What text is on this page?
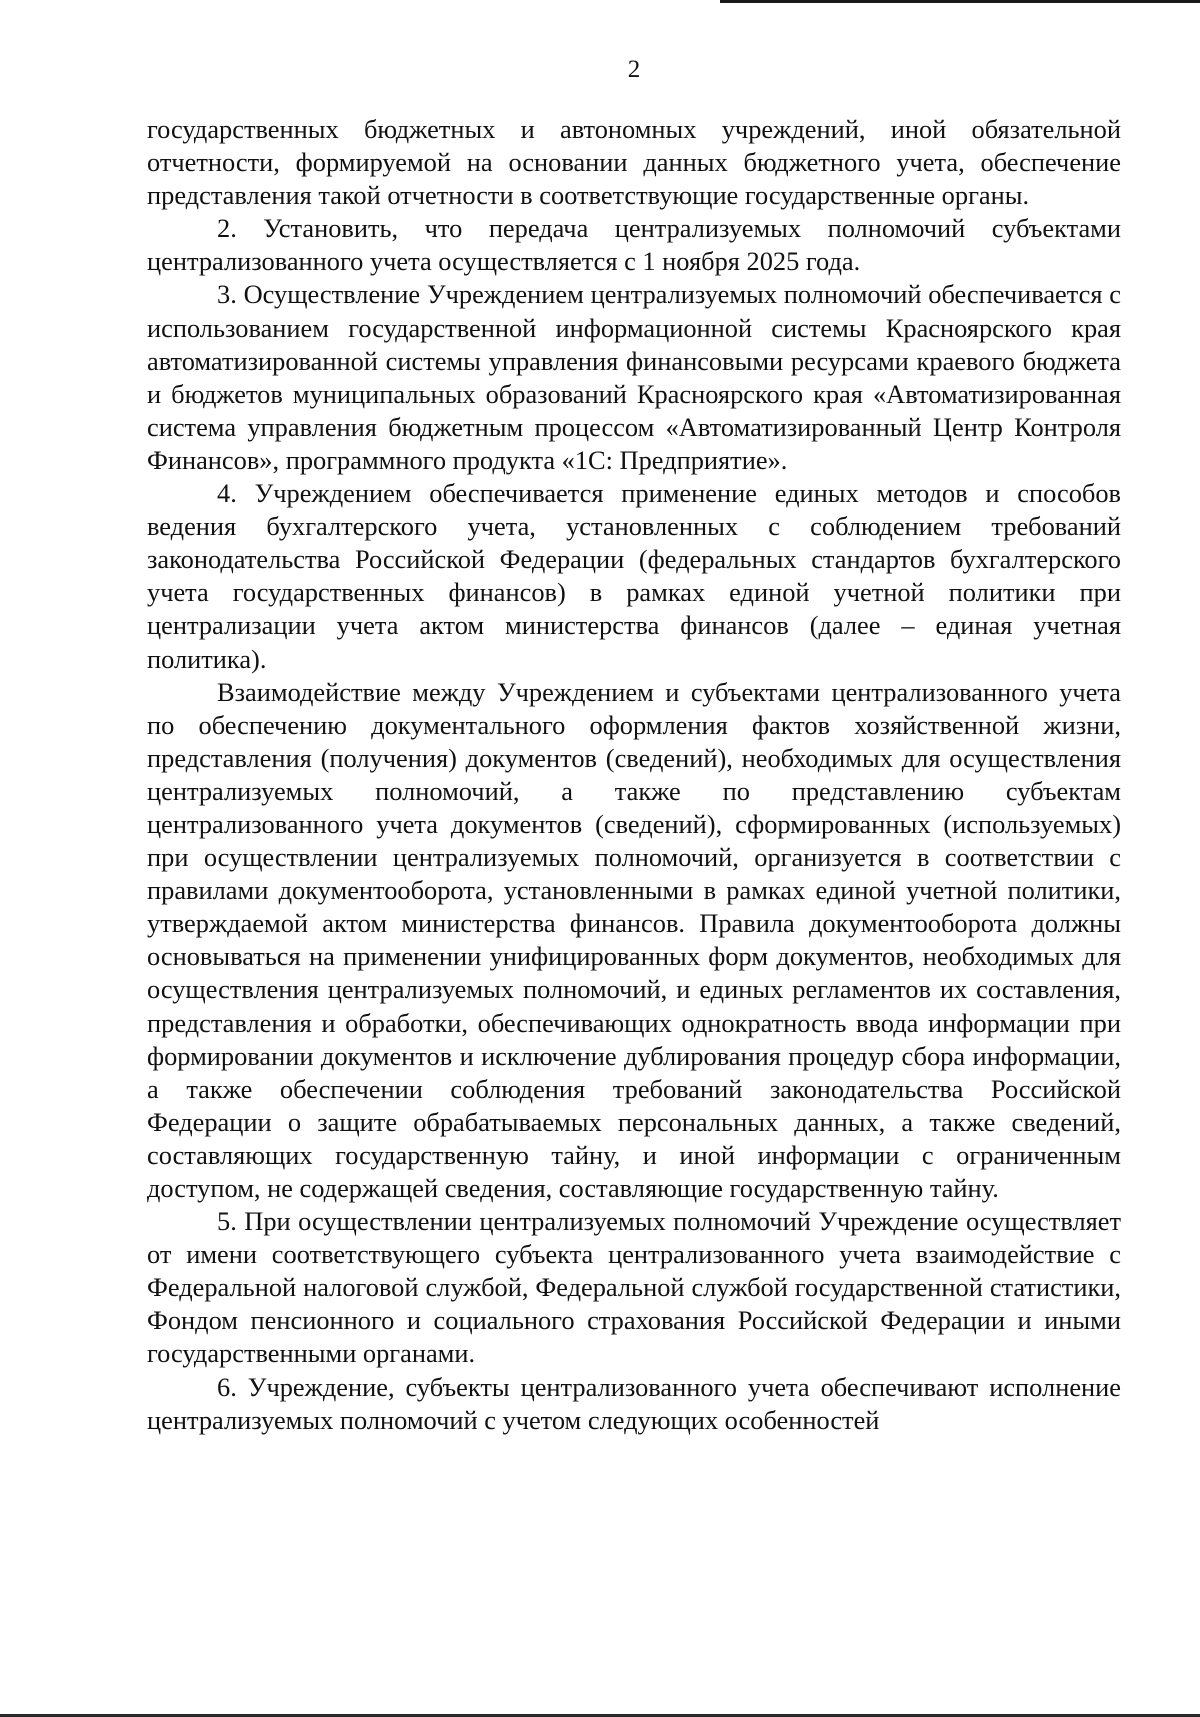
2

государственных бюджетных и автономных учреждений, иной обязательной отчетности, формируемой на основании данных бюджетного учета, обеспечение представления такой отчетности в соответствующие государственные органы.

2. Установить, что передача централизуемых полномочий субъектами централизованного учета осуществляется с 1 ноября 2025 года.

3. Осуществление Учреждением централизуемых полномочий обеспечивается с использованием государственной информационной системы Красноярского края автоматизированной системы управления финансовыми ресурсами краевого бюджета и бюджетов муниципальных образований Красноярского края «Автоматизированная система управления бюджетным процессом «Автоматизированный Центр Контроля Финансов», программного продукта «1С: Предприятие».

4. Учреждением обеспечивается применение единых методов и способов ведения бухгалтерского учета, установленных с соблюдением требований законодательства Российской Федерации (федеральных стандартов бухгалтерского учета государственных финансов) в рамках единой учетной политики при централизации учета актом министерства финансов (далее – единая учетная политика).

Взаимодействие между Учреждением и субъектами централизованного учета по обеспечению документального оформления фактов хозяйственной жизни, представления (получения) документов (сведений), необходимых для осуществления централизуемых полномочий, а также по представлению субъектам централизованного учета документов (сведений), сформированных (используемых) при осуществлении централизуемых полномочий, организуется в соответствии с правилами документооборота, установленными в рамках единой учетной политики, утверждаемой актом министерства финансов. Правила документооборота должны основываться на применении унифицированных форм документов, необходимых для осуществления централизуемых полномочий, и единых регламентов их составления, представления и обработки, обеспечивающих однократность ввода информации при формировании документов и исключение дублирования процедур сбора информации, а также обеспечении соблюдения требований законодательства Российской Федерации о защите обрабатываемых персональных данных, а также сведений, составляющих государственную тайну, и иной информации с ограниченным доступом, не содержащей сведения, составляющие государственную тайну.

5. При осуществлении централизуемых полномочий Учреждение осуществляет от имени соответствующего субъекта централизованного учета взаимодействие с Федеральной налоговой службой, Федеральной службой государственной статистики, Фондом пенсионного и социального страхования Российской Федерации и иными государственными органами.

6. Учреждение, субъекты централизованного учета обеспечивают исполнение централизуемых полномочий с учетом следующих особенностей
